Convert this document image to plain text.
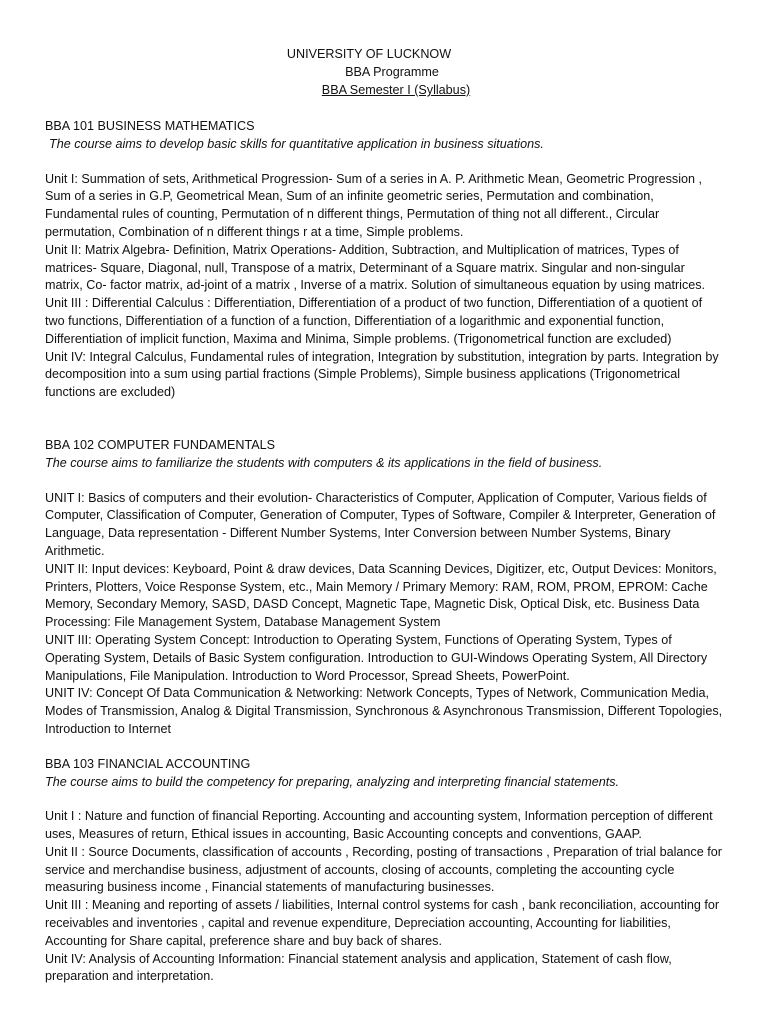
UNIVERSITY OF LUCKNOW
BBA Programme
BBA Semester I (Syllabus)

BBA 101 BUSINESS MATHEMATICS

The course aims to develop basic skills for quantitative application in business situations.

Unit I: Summation of sets, Arithmetical Progression- Sum of a series in A. P. Arithmetic Mean, Geometric Progression , Sum of a series in G.P, Geometrical Mean, Sum of an infinite geometric series, Permutation and combination, Fundamental rules of counting, Permutation of n different things, Permutation of thing not all different., Circular permutation, Combination of n different things r at a time, Simple problems.

Unit II: Matrix Algebra- Definition, Matrix Operations- Addition, Subtraction, and Multiplication of matrices, Types of matrices- Square, Diagonal, null, Transpose of a matrix, Determinant of a Square matrix. Singular and non-singular matrix, Co- factor matrix, ad-joint of a matrix , Inverse of a matrix. Solution of simultaneous equation by using matrices.

Unit III : Differential Calculus : Differentiation, Differentiation of a product of two function, Differentiation of a quotient of two functions, Differentiation of a function of a function, Differentiation of a logarithmic and exponential function, Differentiation of implicit function, Maxima and Minima, Simple problems. (Trigonometrical function are excluded)

Unit IV: Integral Calculus, Fundamental rules of integration, Integration by substitution, integration by parts. Integration by decomposition into a sum using partial fractions (Simple Problems), Simple business applications (Trigonometrical functions are excluded)

BBA 102 COMPUTER FUNDAMENTALS

The course aims to familiarize the students with computers & its applications in the field of business.

UNIT I: Basics of computers and their evolution- Characteristics of Computer, Application of Computer, Various fields of Computer, Classification of Computer, Generation of Computer, Types of Software, Compiler & Interpreter, Generation of Language, Data representation - Different Number Systems, Inter Conversion between Number Systems, Binary Arithmetic.

UNIT II: Input devices: Keyboard, Point & draw devices, Data Scanning Devices, Digitizer, etc, Output Devices: Monitors, Printers, Plotters, Voice Response System, etc., Main Memory / Primary Memory: RAM, ROM, PROM, EPROM: Cache Memory, Secondary Memory, SASD, DASD Concept, Magnetic Tape, Magnetic Disk, Optical Disk, etc. Business Data Processing: File Management System, Database Management System

UNIT III: Operating System Concept: Introduction to Operating System, Functions of Operating System, Types of Operating System, Details of Basic System configuration. Introduction to GUI-Windows Operating System, All Directory Manipulations, File Manipulation. Introduction to Word Processor, Spread Sheets, PowerPoint.

UNIT IV: Concept Of Data Communication & Networking: Network Concepts, Types of Network, Communication Media, Modes of Transmission, Analog & Digital Transmission, Synchronous & Asynchronous Transmission, Different Topologies, Introduction to Internet

BBA 103 FINANCIAL ACCOUNTING

The course aims to build the competency for preparing, analyzing and interpreting financial statements.

Unit I : Nature and function of financial Reporting. Accounting and accounting system, Information perception of different uses, Measures of return, Ethical issues in accounting, Basic Accounting concepts and conventions, GAAP.

Unit II : Source Documents, classification of accounts , Recording, posting of transactions , Preparation of trial balance for service and merchandise business, adjustment of accounts, closing of accounts, completing the accounting cycle measuring business income , Financial statements of manufacturing businesses.

Unit III : Meaning and reporting of assets / liabilities, Internal control systems for cash , bank reconciliation, accounting for receivables and inventories , capital and revenue expenditure, Depreciation accounting, Accounting for liabilities, Accounting for Share capital, preference share and buy back of shares.

Unit IV: Analysis of Accounting Information: Financial statement analysis and application, Statement of cash flow, preparation and interpretation.
